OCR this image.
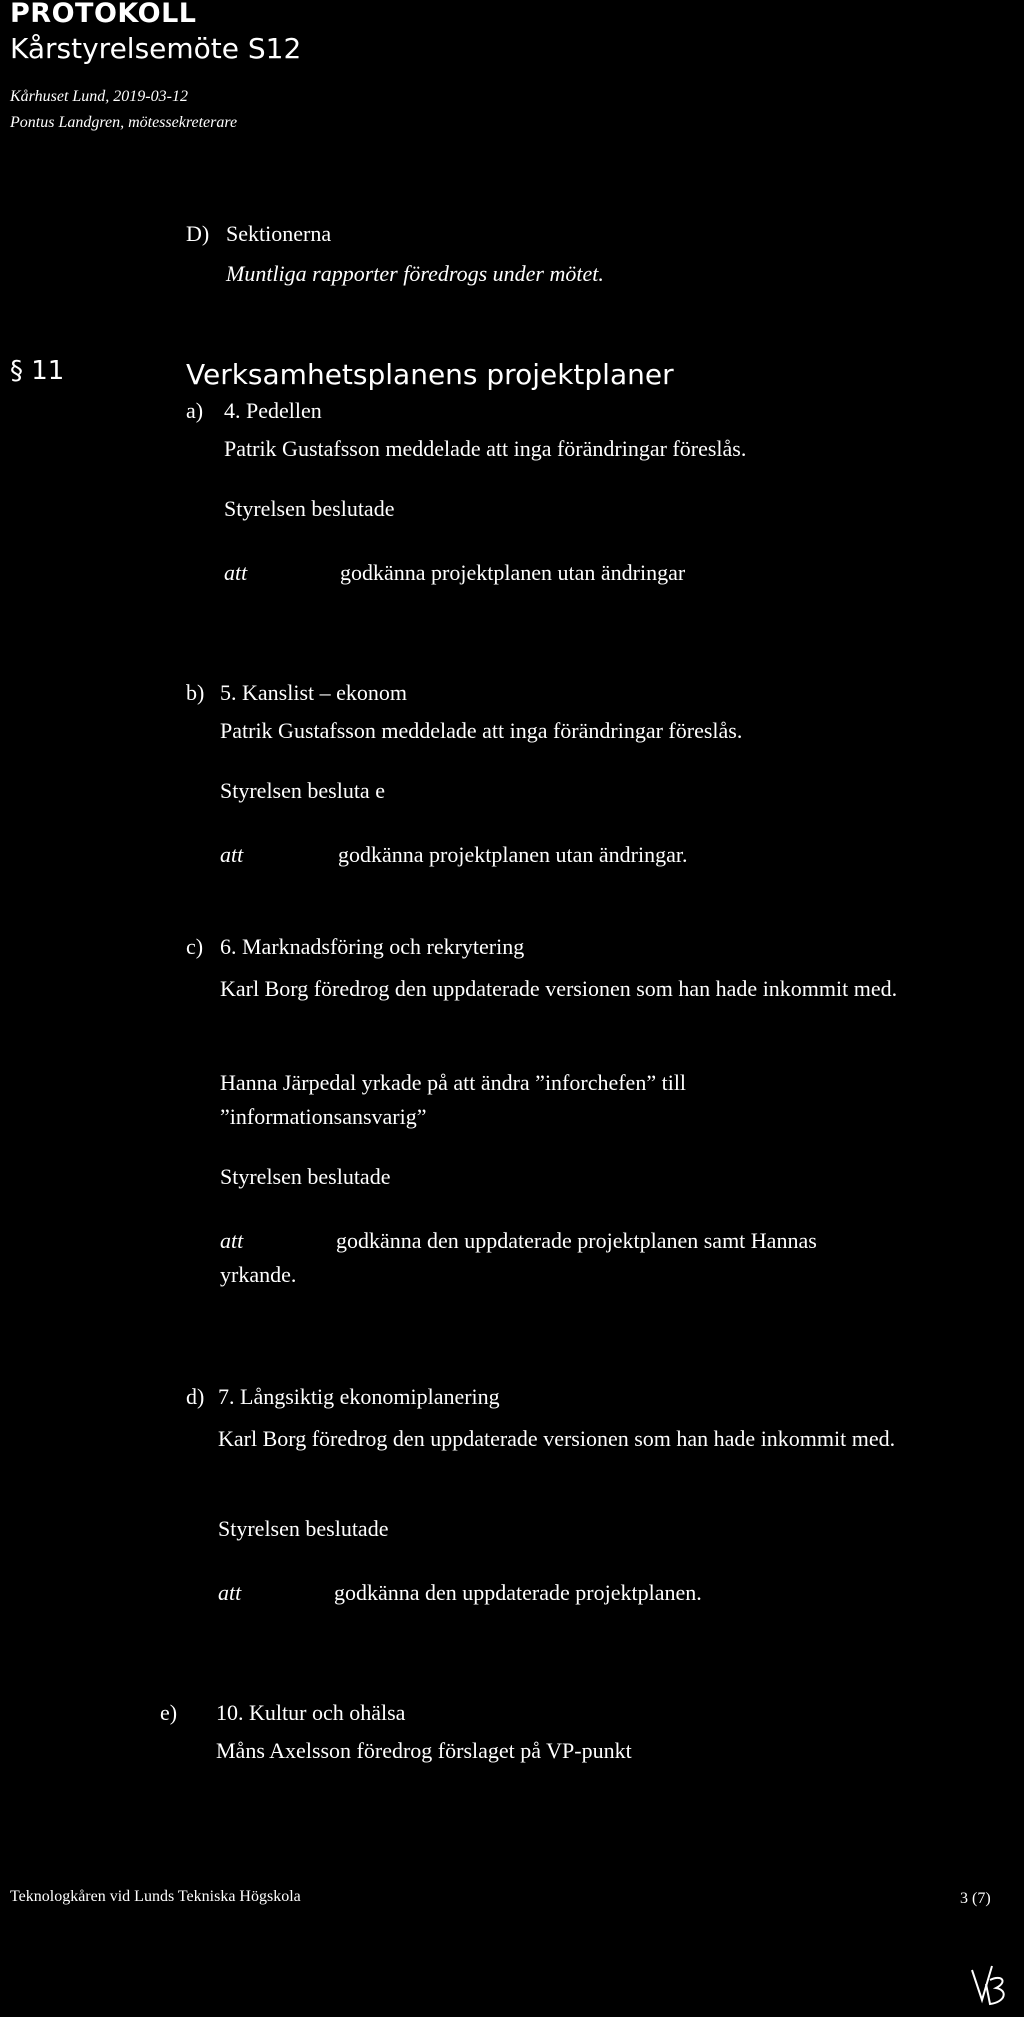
PROTOKOLL
Kårstyrelsemöte S12
Kårhuset Lund, 2019-03-12
Pontus Landgren, mötessekreterare
D) Sektionerna
Muntliga rapporter föredrogs under mötet.
§ 11	Verksamhetsplanens projektplaner
a) 4. Pedellen
Patrik Gustafsson meddelade att inga förändringar föreslås.
Styrelsen beslutade
att	godkänna projektplanen utan ändringar
b) 5. Kanslist – ekonom
Patrik Gustafsson meddelade att inga förändringar föreslås.
Styrelsen besluta e
att	godkänna projektplanen utan ändringar.
c) 6. Marknadsföring och rekrytering
Karl Borg föredrog den uppdaterade versionen som han hade inkommit med.
Hanna Järpedal yrkade på att ändra ”inforchefen” till
”informationsansvarig”
Styrelsen beslutade
att	godkänna den uppdaterade projektplanen samt Hannas
yrkande.
d) 7. Långsiktig ekonomiplanering
Karl Borg föredrog den uppdaterade versionen som han hade inkommit med.
Styrelsen beslutade
att	godkänna den uppdaterade projektplanen.
e) 10. Kultur och ohälsa
Måns Axelsson föredrog förslaget på VP-punkt
Teknologkåren vid Lunds Tekniska Högskola	3 (7)
